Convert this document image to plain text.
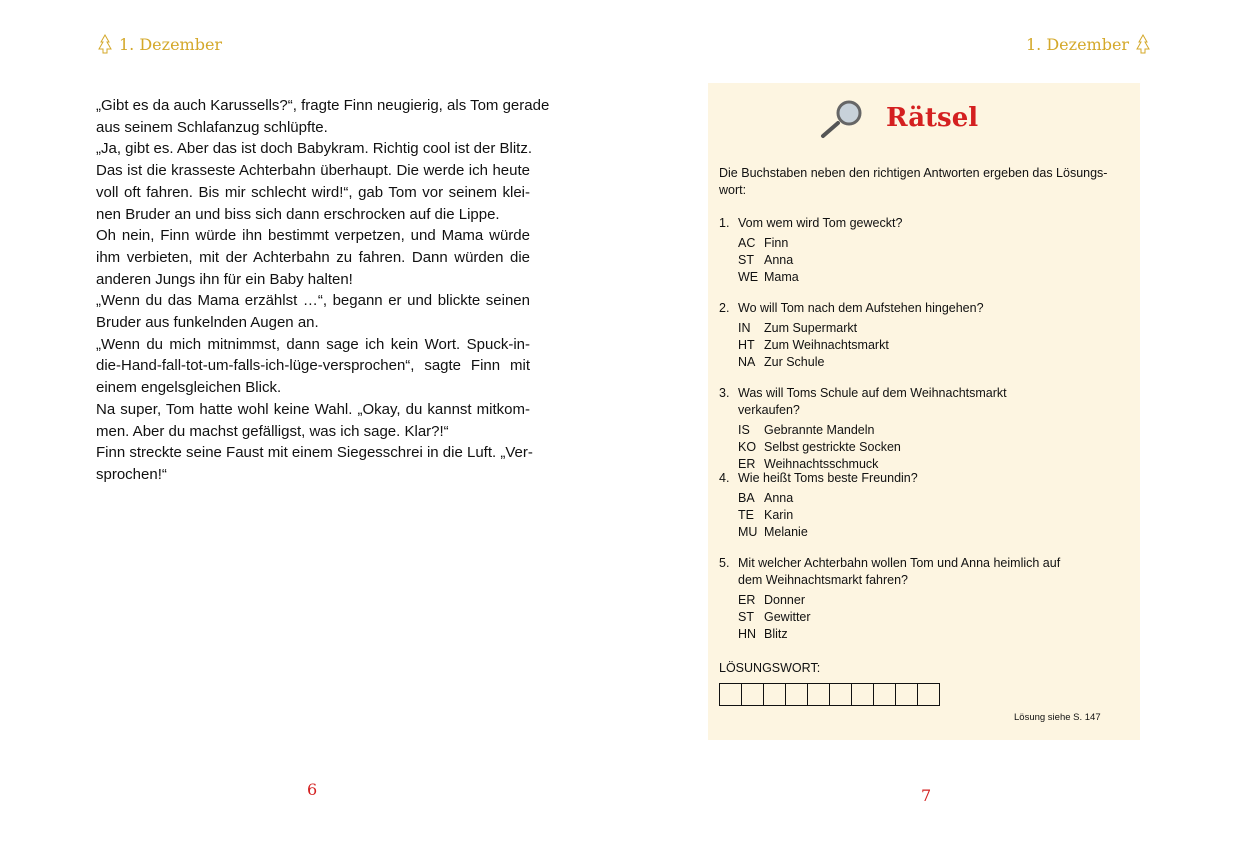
1. Dezember
„Gibt es da auch Karussells?“, fragte Finn neugierig, als Tom gerade
aus seinem Schlafanzug schlüpfte.
„Ja, gibt es. Aber das ist doch Babykram. Richtig cool ist der Blitz.
Das ist die krasseste Achterbahn überhaupt. Die werde ich heute
voll oft fahren. Bis mir schlecht wird!“, gab Tom vor seinem klei-
nen Bruder an und biss sich dann erschrocken auf die Lippe.
Oh nein, Finn würde ihn bestimmt verpetzen, und Mama würde
ihm verbieten, mit der Achterbahn zu fahren. Dann würden die
anderen Jungs ihn für ein Baby halten!
„Wenn du das Mama erzählst …“, begann er und blickte seinen
Bruder aus funkelnden Augen an.
„Wenn du mich mitnimmst, dann sage ich kein Wort. Spuck-in-
die-Hand-fall-tot-um-falls-ich-lüge-versprochen“, sagte Finn mit
einem engelsgleichen Blick.
Na super, Tom hatte wohl keine Wahl. „Okay, du kannst mitkom-
men. Aber du machst gefälligst, was ich sage. Klar?!“
Finn streckte seine Faust mit einem Siegesschrei in die Luft. „Ver-
sprochen!“
6
1. Dezember
Rätsel
Die Buchstaben neben den richtigen Antworten ergeben das Lösungs- wort:
1. Vom wem wird Tom geweckt?
AC Finn
ST Anna
WE Mama
2. Wo will Tom nach dem Aufstehen hingehen?
IN	Zum Supermarkt
HT Zum Weihnachtsmarkt
NA Zur Schule
3. Was will Toms Schule auf dem Weihnachtsmarkt verkaufen?
IS	Gebrannte Mandeln
KO Selbst gestrickte Socken
ER Weihnachtsschmuck
4. Wie heißt Toms beste Freundin?
BA Anna
TE Karin
MU Melanie
5. Mit welcher Achterbahn wollen Tom und Anna heimlich auf dem Weihnachtsmarkt fahren?
ER Donner
ST Gewitter
HN Blitz
LÖSUNGSWORT:
Lösung siehe S. 147
7
